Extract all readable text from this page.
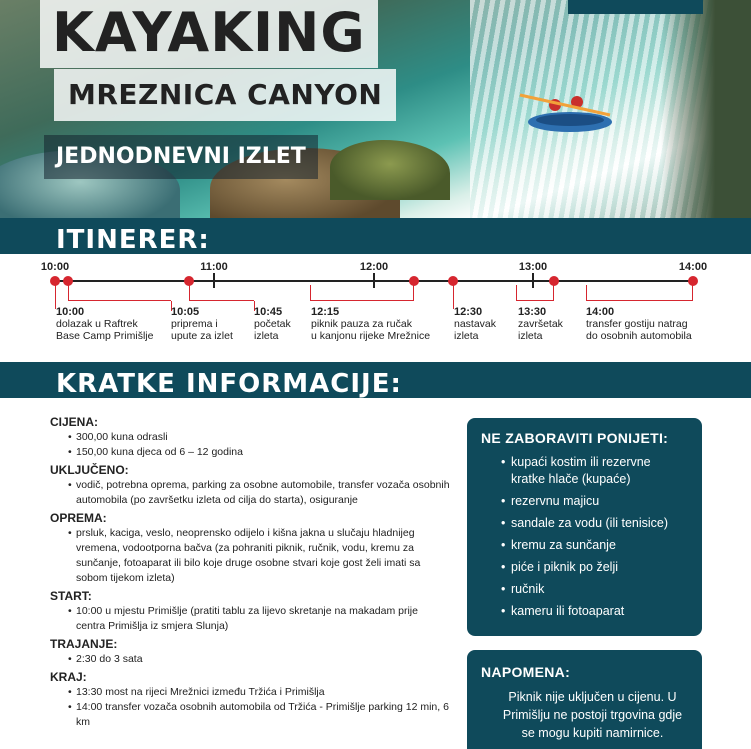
KAYAKING
MREZNICA CANYON
JEDNODNEVNI IZLET
ITINERER:
10:00	11:00	12:00	13:00	14:00
10:00
dolazak u Raftrek
Base Camp Primišlje
10:05
priprema i
upute za izlet
10:45
početak
izleta
12:15
piknik pauza za ručak
u kanjonu rijeke Mrežnice
12:30
nastavak
izleta
13:30
završetak
izleta
14:00
transfer gostiju natrag
do osobnih automobila
KRATKE INFORMACIJE:
CIJENA:
• 300,00 kuna odrasli
• 150,00 kuna djeca od 6 – 12 godina
UKLJUČENO:
• vodič, potrebna oprema, parking za osobne automobile, transfer vozača osobnih automobila (po završetku izleta od cilja do starta), osiguranje
OPREMA:
• prsluk, kaciga, veslo, neoprensko odijelo i kišna jakna u slučaju hladnijeg vremena, vodootporna bačva (za pohraniti piknik, ručnik, vodu, kremu za sunčanje, fotoaparat ili bilo koje druge osobne stvari koje gost želi imati sa sobom tijekom izleta)
START:
• 10:00 u mjestu Primišlje (pratiti tablu za lijevo skretanje na makadam prije centra Primišlja iz smjera Slunja)
TRAJANJE:
• 2:30 do 3 sata
KRAJ:
• 13:30 most na rijeci Mrežnici između Tržića i Primišlja
• 14:00 transfer vozača osobnih automobila od Tržića - Primišlje parking 12 min, 6 km
NE ZABORAVITI PONIJETI:
• kupaći kostim ili rezervne kratke hlače (kupaće)
• rezervnu majicu
• sandale za vodu (ili tenisice)
• kremu za sunčanje
• piće i piknik po želji
• ručnik
• kameru ili fotoaparat
NAPOMENA:

Piknik nije uključen u cijenu. U Primišlju ne postoji trgovina gdje se mogu kupiti namirnice.
